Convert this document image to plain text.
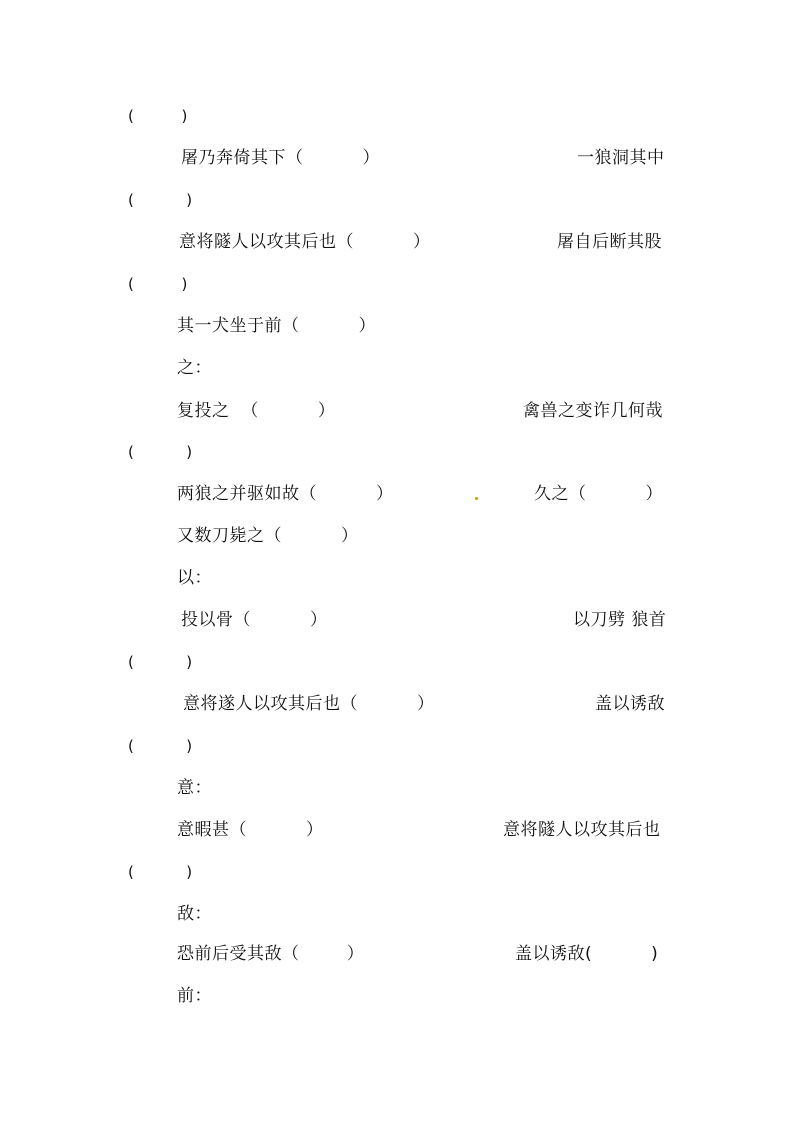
(          )
屠乃奔倚其下（          ）	一狼洞其中
(           )
意将隧人以攻其后也（          ）	屠自后断其股
(          )
其一犬坐于前（          ）
之：
复投之  （          ）	禽兽之变诈几何哉
(           )
两狼之并驱如故（          ）	久之（          ）
又数刀毙之（          ）
以：
投以骨（          ）	以刀劈 狼首
(           )
意将遂人以攻其后也（          ）	盖以诱敌
(           )
意：
意暇甚（          ）	意将隧人以攻其后也
(           )
敌：
恐前后受其敌（        ）	盖以诱敌(          )
前：
